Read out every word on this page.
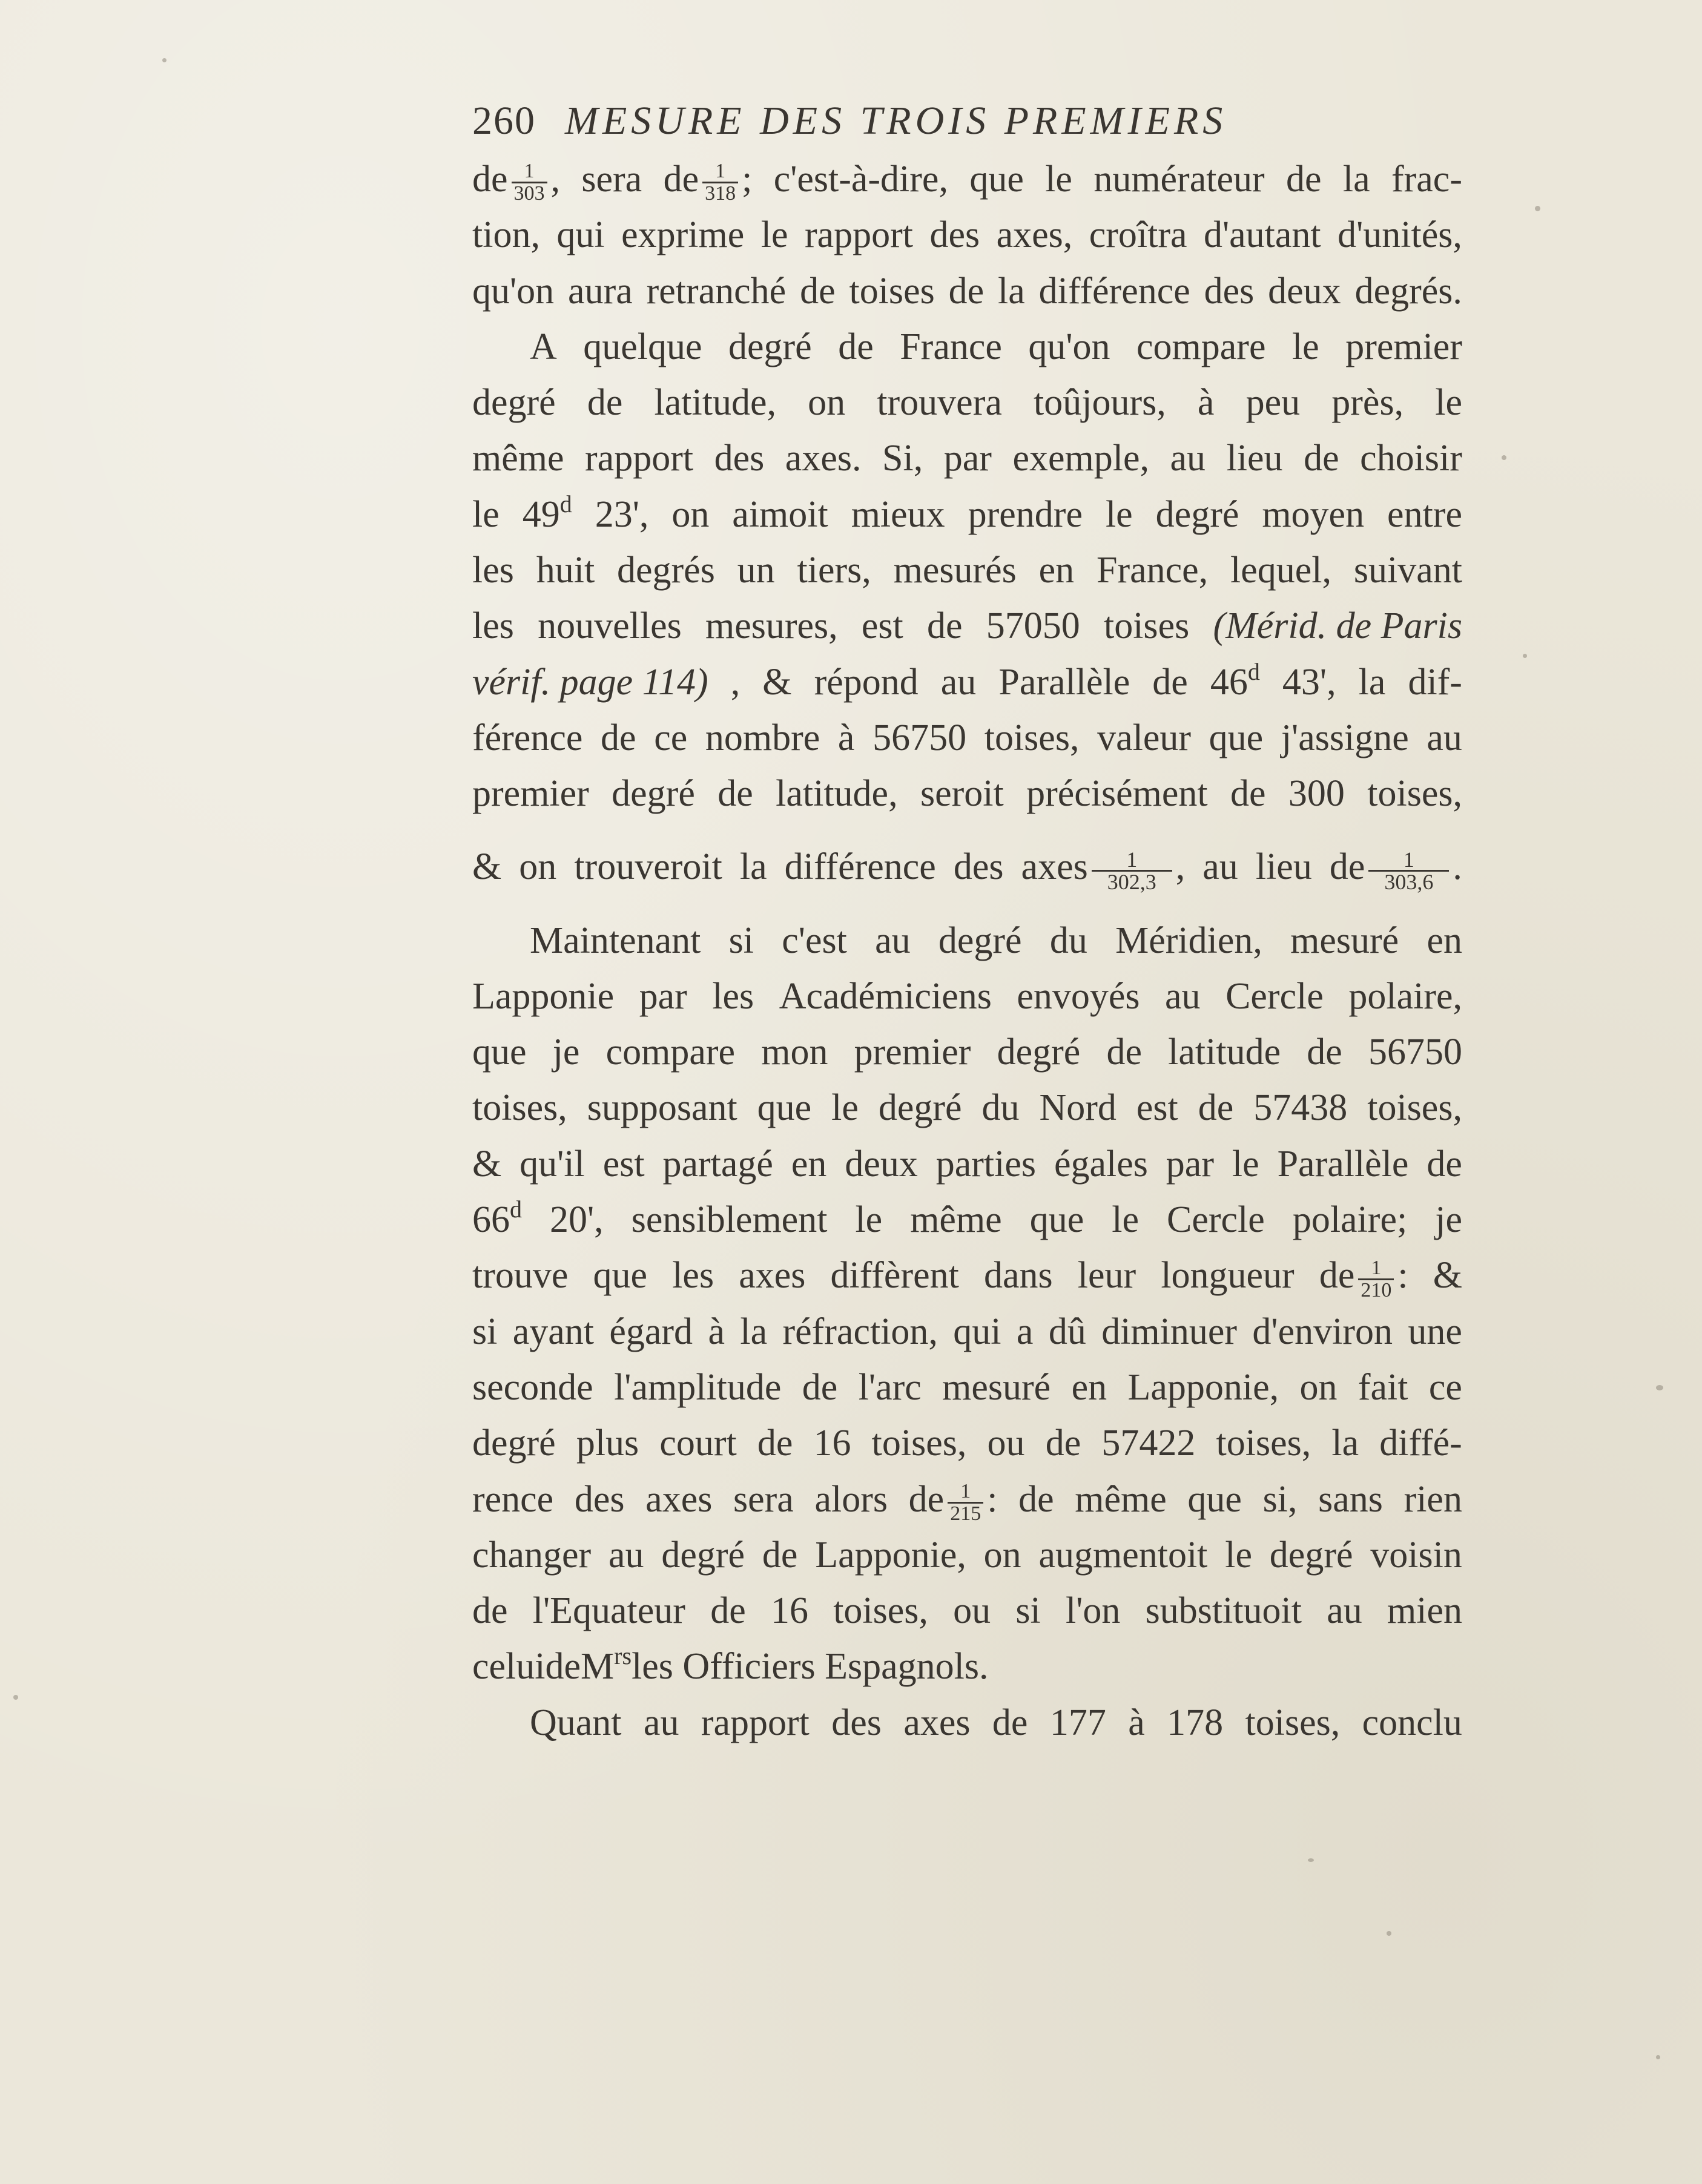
260 MESURE DES TROIS PREMIERS
de $\frac{1}{303}$ , sera de $\frac{1}{318}$ ; c'est-à-dire, que le numérateur de la frac-
tion, qui exprime le rapport des axes, croîtra d'autant d'unités,
qu'on aura retranché de toises de la différence des deux degrés.
A quelque degré de France qu'on compare le premier
degré de latitude, on trouvera toûjours, à peu près, le
même rapport des axes. Si, par exemple, au lieu de choisir
le 49$^d$ 23', on aimoit mieux prendre le degré moyen entre
les huit degrés un tiers, mesurés en France, lequel, suivant
les nouvelles mesures, est de 57050 toises (Mérid. de Paris
vérif. page 114) , & répond au Parallèle de 46$^d$ 43', la dif-
férence de ce nombre à 56750 toises, valeur que j'assigne au
premier degré de latitude, seroit précisément de 300 toises,
& on trouveroit la différence des axes $\frac{1}{302,3}$ , au lieu de $\frac{1}{303,6}$ .
Maintenant si c'est au degré du Méridien, mesuré en
Lapponie par les Académiciens envoyés au Cercle polaire,
que je compare mon premier degré de latitude de 56750
toises, supposant que le degré du Nord est de 57438 toises,
& qu'il est partagé en deux parties égales par le Parallèle de
66$^d$ 20', sensiblement le même que le Cercle polaire; je
trouve que les axes diffèrent dans leur longueur de $\frac{1}{210}$ : &
si ayant égard à la réfraction, qui a dû diminuer d'environ une
seconde l'amplitude de l'arc mesuré en Lapponie, on fait ce
degré plus court de 16 toises, ou de 57422 toises, la diffé-
rence des axes sera alors de $\frac{1}{215}$ : de même que si, sans rien
changer au degré de Lapponie, on augmentoit le degré voisin
de l'Equateur de 16 toises, ou si l'on substituoit au mien
celui de $M^{rs}$ les Officiers Espagnols.
Quant au rapport des axes de 177 à 178 toises, conclu
